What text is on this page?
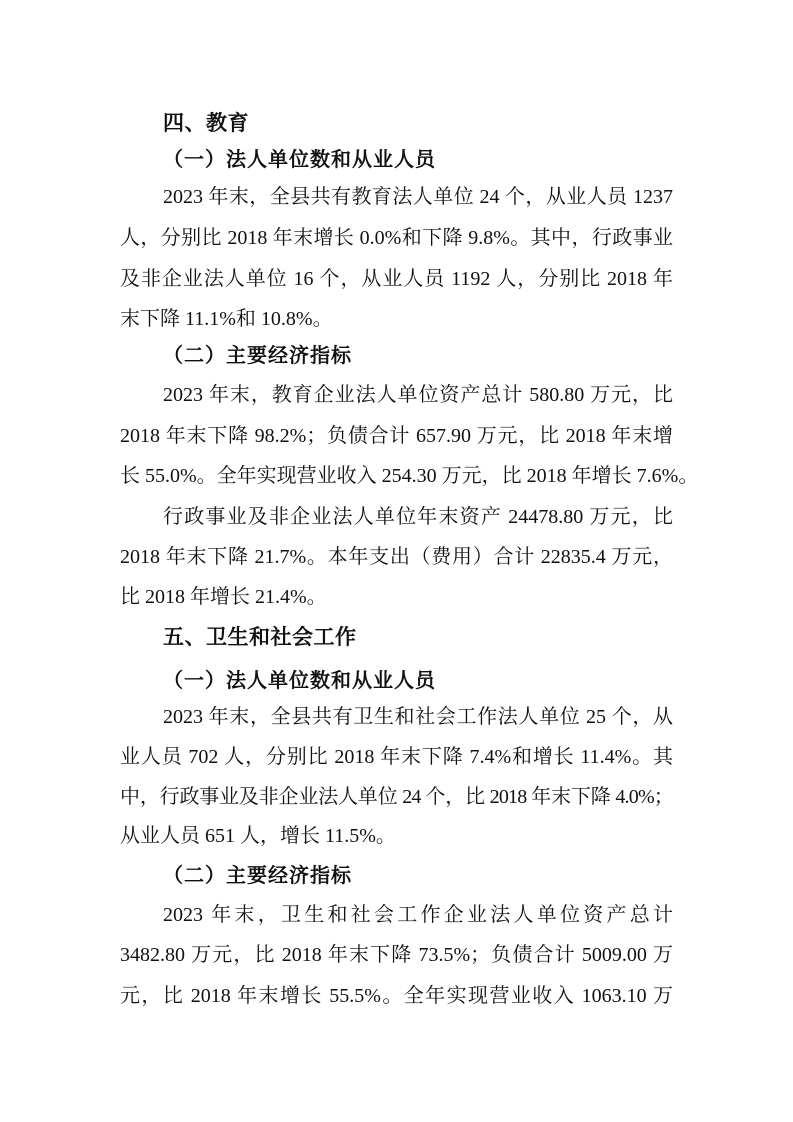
四、教育
（一）法人单位数和从业人员
2023 年末，全县共有教育法人单位 24 个，从业人员 1237
人，分别比 2018 年末增长 0.0%和下降 9.8%。其中，行政事业
及非企业法人单位 16 个，从业人员 1192 人，分别比 2018 年
末下降 11.1%和 10.8%。
（二）主要经济指标
2023 年末，教育企业法人单位资产总计 580.80 万元，比
2018 年末下降 98.2%；负债合计 657.90 万元，比 2018 年末增
长 55.0%。全年实现营业收入 254.30 万元，比 2018 年增长 7.6%。
行政事业及非企业法人单位年末资产 24478.80 万元，比
2018 年末下降 21.7%。本年支出（费用）合计 22835.4 万元，
比 2018 年增长 21.4%。
五、卫生和社会工作
（一）法人单位数和从业人员
2023 年末，全县共有卫生和社会工作法人单位 25 个，从
业人员 702 人，分别比 2018 年末下降 7.4%和增长 11.4%。其
中，行政事业及非企业法人单位 24 个，比 2018 年末下降 4.0%；
从业人员 651 人，增长 11.5%。
（二）主要经济指标
2023 年末，卫生和社会工作企业法人单位资产总计
3482.80 万元，比 2018 年末下降 73.5%；负债合计 5009.00 万
元，比 2018 年末增长 55.5%。全年实现营业收入 1063.10 万
